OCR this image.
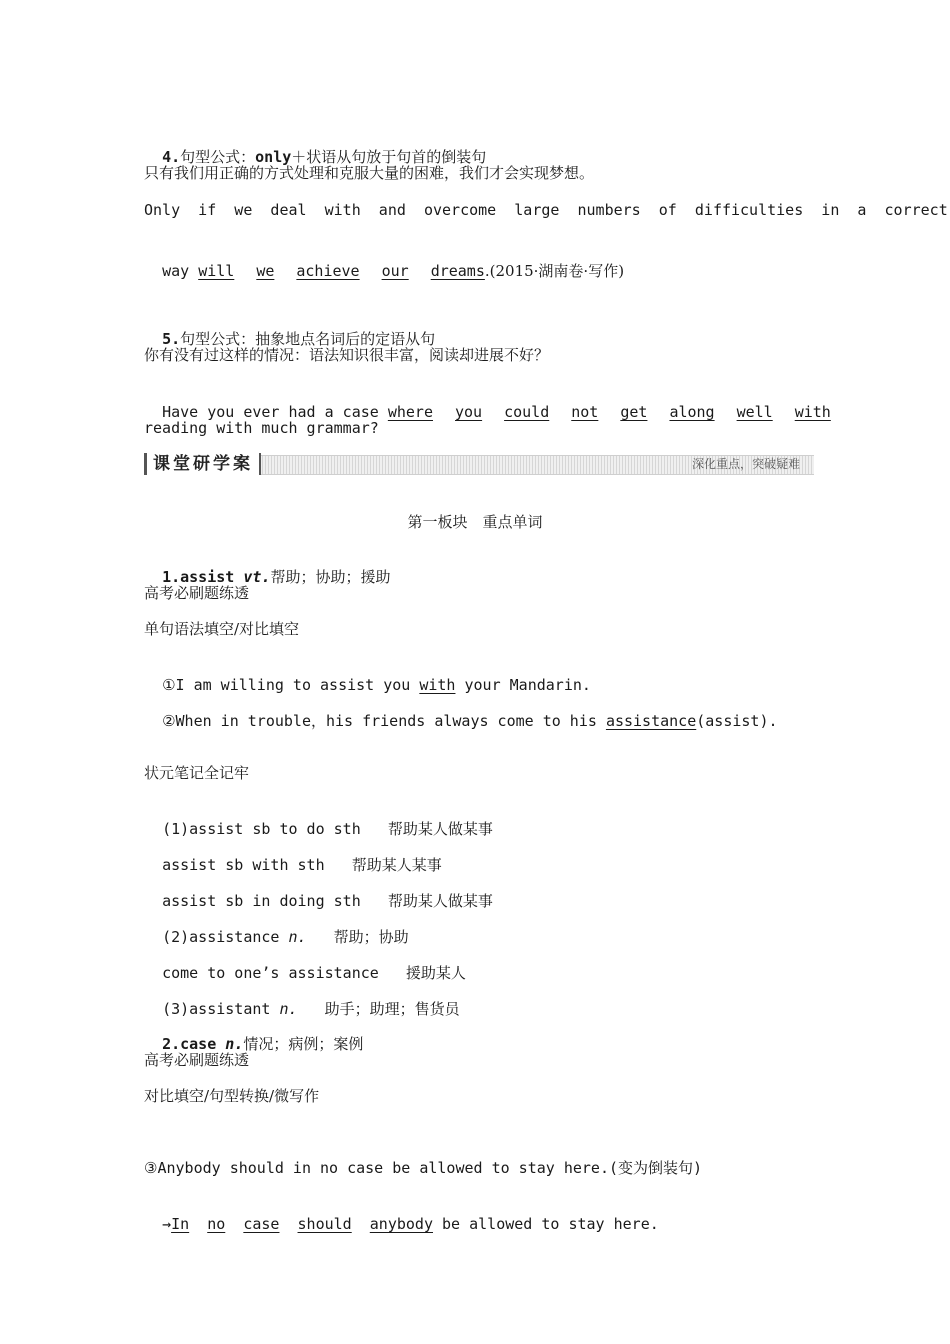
4.句型公式：only＋状语从句放于句首的倒装句

只有我们用正确的方式处理和克服大量的困难，我们才会实现梦想。
Only  if  we  deal  with  and  overcome  large  numbers  of  difficulties  in  a  correct

way will we achieve our dreams.(2015·湖南卷·写作)

5.句型公式：抽象地点名词后的定语从句

你有没有过这样的情况：语法知识很丰富，阅读却进展不好？

Have you ever had a case where you could not get along well with

reading with much grammar?
课堂研学案	深化重点，突破疑难
第一板块　重点单词

1.assist vt.帮助；协助；援助

高考必刷题练透
单句语法填空/对比填空

①I am willing to assist you with your Mandarin.

②When in trouble，his friends always come to his assistance(assist).

状元笔记全记牢

(1)assist sb to do sth 帮助某人做某事

assist sb with sth 帮助某人某事

assist sb in doing sth 帮助某人做某事

(2)assistance n. 帮助；协助

come to one’s assistance 援助某人

(3)assistant n. 助手；助理；售货员

2.case n.情况；病例；案例

高考必刷题练透
对比填空/句型转换/微写作
③Anybody should in no case be allowed to stay here.(变为倒装句)

→In no case should anybody be allowed to stay here.
